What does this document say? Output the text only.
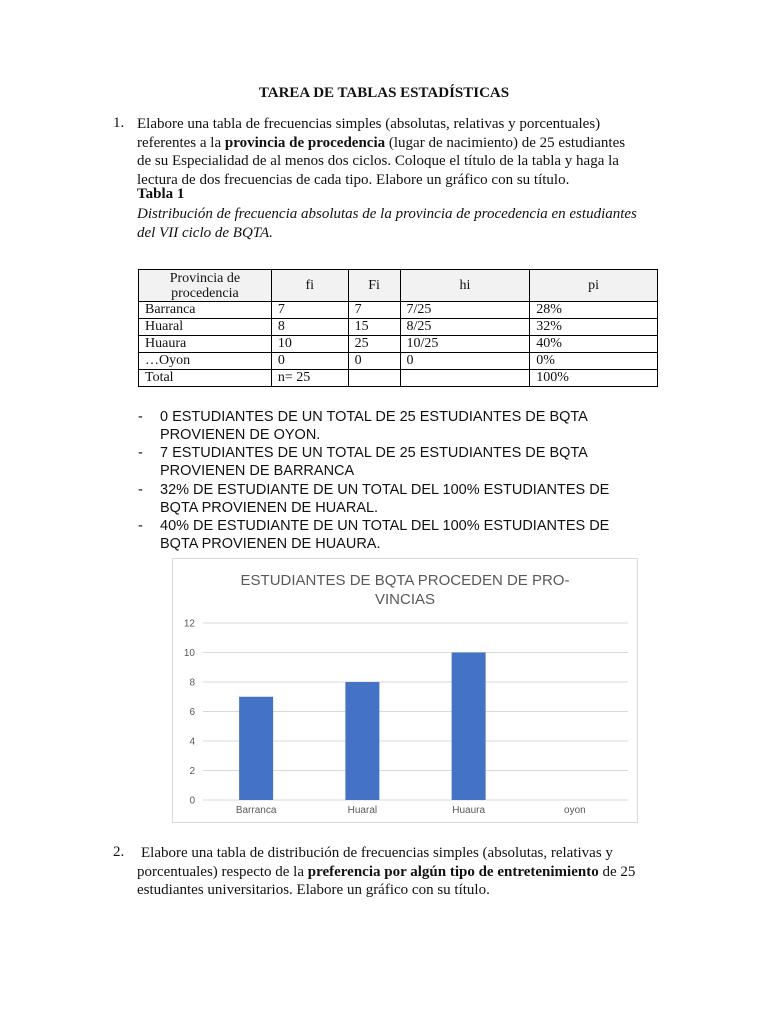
TAREA DE TABLAS ESTADÍSTICAS
1. Elabore una tabla de frecuencias simples (absolutas, relativas y porcentuales)
referentes a la provincia de procedencia (lugar de nacimiento) de 25 estudiantes
de su Especialidad de al menos dos ciclos. Coloque el título de la tabla y haga la
lectura de dos frecuencias de cada tipo. Elabore un gráfico con su título.
Tabla 1
Distribución de frecuencia absolutas de la provincia de procedencia en estudiantes
del VII ciclo de BQTA.
Provincia de procedencia	fi	Fi	hi	pi
Barranca	7	7	7/25	28%
Huaral	8	15	8/25	32%
Huaura	10	25	10/25	40%
…Oyon	0	0	0	0%
Total	n= 25			100%
- 0 ESTUDIANTES DE UN TOTAL DE 25 ESTUDIANTES DE BQTA
PROVIENEN DE OYON.
- 7 ESTUDIANTES DE UN TOTAL DE 25 ESTUDIANTES DE BQTA
PROVIENEN DE BARRANCA
- 32% DE ESTUDIANTE DE UN TOTAL DEL 100% ESTUDIANTES DE
BQTA PROVIENEN DE HUARAL.
- 40% DE ESTUDIANTE DE UN TOTAL DEL 100% ESTUDIANTES DE
BQTA PROVIENEN DE HUAURA.
ESTUDIANTES DE BQTA PROCEDEN DE PRO-
VINCIAS
0
2
4
6
8
10
12
Barranca	Huaral	Huaura	oyon
2. Elabore una tabla de distribución de frecuencias simples (absolutas, relativas y
porcentuales) respecto de la preferencia por algún tipo de entretenimiento de 25
estudiantes universitarios. Elabore un gráfico con su título.
